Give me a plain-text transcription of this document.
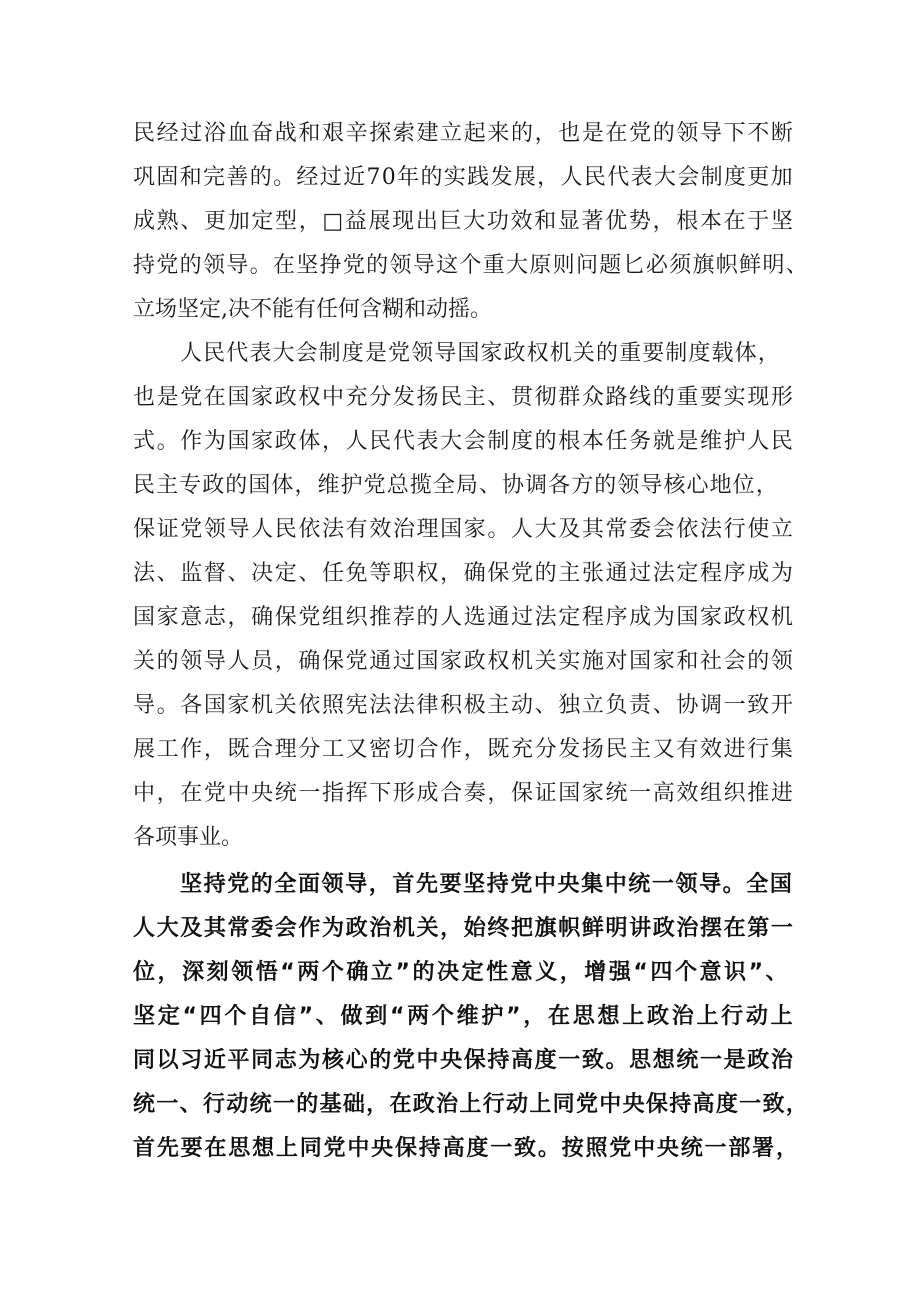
民 经 过 浴 血 奋 战 和 艰 辛 探 索 建 立 起 来 的 ， 也 是 在 党 的 领 导 下 不 断
巩 固 和 完 善 的 。 经 过 近 7 0 年 的 实 践 发 展 ， 人 民 代 表 大 会 制 度 更 加
成 熟 、 更 加 定 型 ， □ 益 展 现 出 巨 大 功 效 和 显 著 优 势 ， 根 本 在 于 坚
持 党 的 领 导 。 在 坚 挣 党 的 领 导 这 个 重 大 原 则 问 题 匕 必 须 旗 帜 鲜 明 、
立场坚定,决不能有任何含糊和动摇。
人 民 代 表 大 会 制 度 是 党 领 导 国 家 政 权 机 关 的 重 要 制 度 载 体 ，
也 是 党 在 国 家 政 权 中 充 分 发 扬 民 主 、 贯 彻 群 众 路 线 的 重 要 实 现 形
式 。 作 为 国 家 政 体 ， 人 民 代 表 大 会 制 度 的 根 本 任 务 就 是 维 护 人 民
民 主 专 政 的 国 体 ， 维 护 党 总 揽 全 局 、 协 调 各 方 的 领 导 核 心 地 位 ，
保 证 党 领 导 人 民 依 法 有 效 治 理 国 家 。 人 大 及 其 常 委 会 依 法 行 使 立
法 、 监 督 、 决 定 、 任 免 等 职 权 ， 确 保 党 的 主 张 通 过 法 定 程 序 成 为
国 家 意 志 ， 确 保 党 组 织 推 荐 的 人 选 通 过 法 定 程 序 成 为 国 家 政 权 机
关 的 领 导 人 员 ， 确 保 党 通 过 国 家 政 权 机 关 实 施 对 国 家 和 社 会 的 领
导 。 各 国 家 机 关 依 照 宪 法 法 律 积 极 主 动 、 独 立 负 责 、 协 调 一 致 开
展 工 作 ， 既 合 理 分 工 又 密 切 合 作 ， 既 充 分 发 扬 民 主 又 有 效 进 行 集
中 ， 在 党 中 央 统 一 指 挥 下 形 成 合 奏 ， 保 证 国 家 统 一 高 效 组 织 推 进
各项事业。
坚 持 党 的 全 面 领 导 ， 首 先 要 坚 持 党 中 央 集 中 统 一 领 导 。 全 国
人 大 及 其 常 委 会 作 为 政 治 机 关 ， 始 终 把 旗 帜 鲜 明 讲 政 治 摆 在 第 一
位 ， 深 刻 领 悟 “ 两 个 确 立 ” 的 决 定 性 意 义 ， 增 强 “ 四 个 意 识 ” 、
坚 定 “ 四 个 自 信 ” 、 做 到 “ 两 个 维 护 ” ， 在 思 想 上 政 治 上 行 动 上
同 以 习 近 平 同 志 为 核 心 的 党 中 央 保 持 高 度 一 致 。 思 想 统 一 是 政 治
统 一 、 行 动 统 一 的 基 础 ， 在 政 治 上 行 动 上 同 党 中 央 保 持 高 度 一 致 ，
首 先 要 在 思 想 上 同 党 中 央 保 持 高 度 一 致 。 按 照 党 中 央 统 一 部 署 ，
